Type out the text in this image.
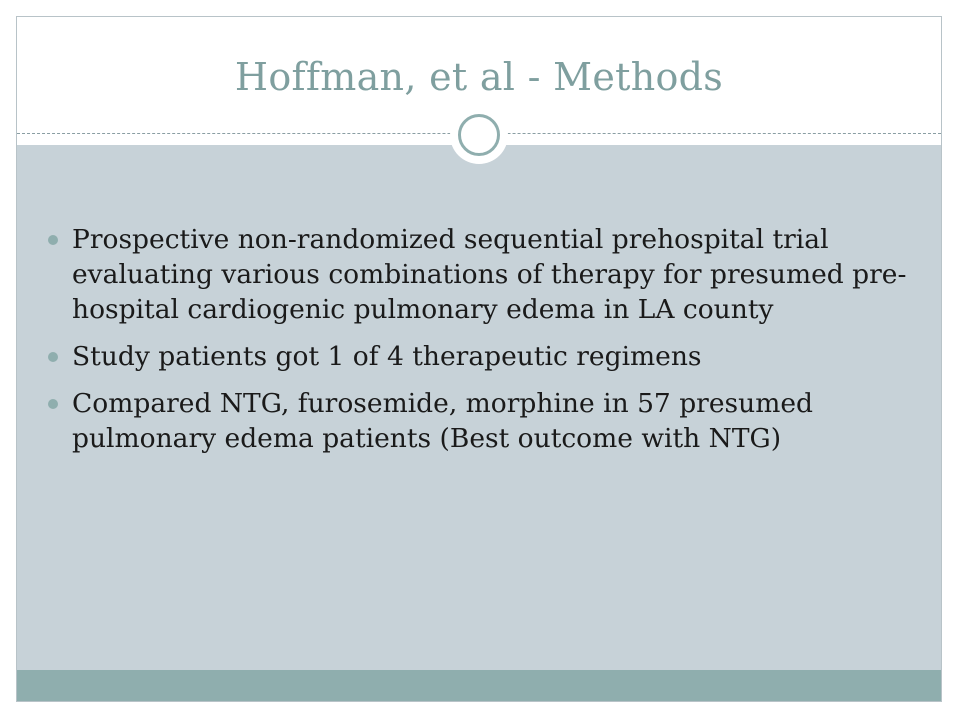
Hoffman, et al - Methods
Prospective non-randomized sequential prehospital trial evaluating various combinations of therapy for presumed pre-hospital cardiogenic pulmonary edema in LA county
Study patients got 1 of 4 therapeutic regimens
Compared NTG, furosemide, morphine in 57 presumed pulmonary edema patients (Best outcome with NTG)
